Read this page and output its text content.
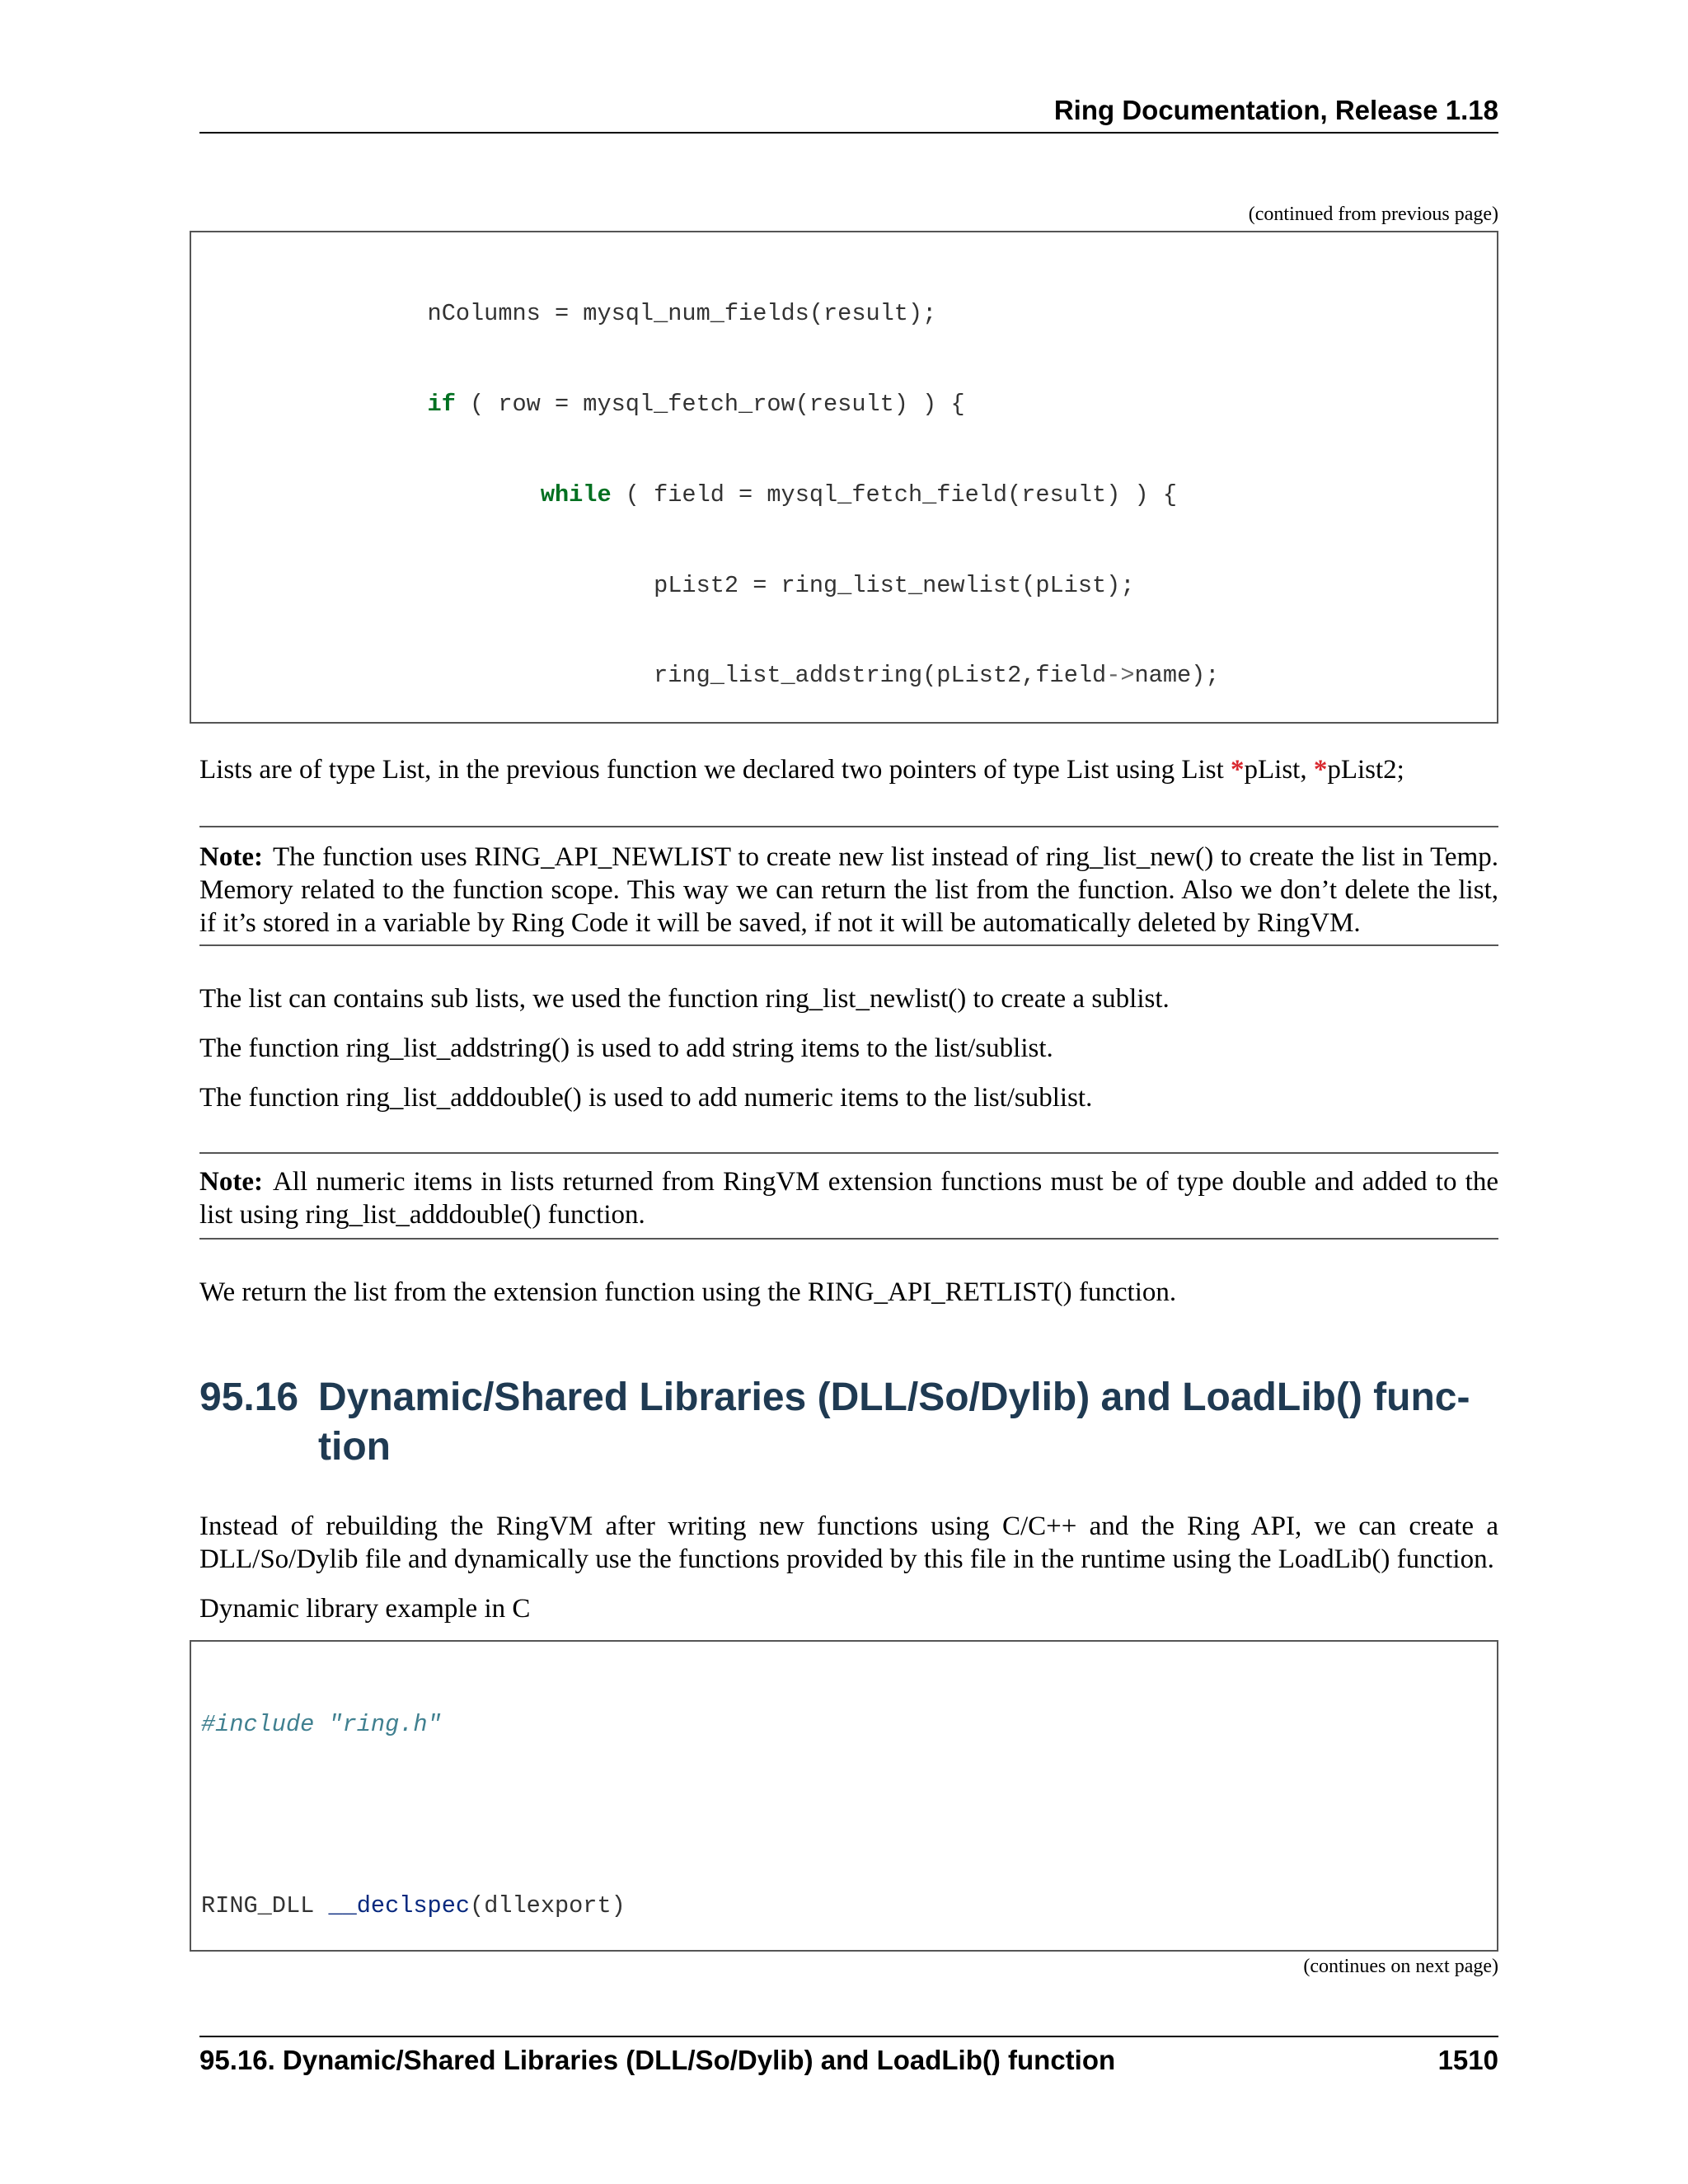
Ring Documentation, Release 1.18
(continued from previous page)

nColumns = mysql_num_fields(result);

if ( row = mysql_fetch_row(result) ) {

while ( field = mysql_fetch_field(result) ) {

pList2 = ring_list_newlist(pList);

ring_list_addstring(pList2,field->name);

Lists are of type List, in the previous function we declared two pointers of type List using List *pList, *pList2;
Note: The function uses RING_API_NEWLIST to create new list instead of ring_list_new() to create the list in Temp. Memory related to the function scope. This way we can return the list from the function. Also we don’t delete the list, if it’s stored in a variable by Ring Code it will be saved, if not it will be automatically deleted by RingVM.
The list can contains sub lists, we used the function ring_list_newlist() to create a sublist.
The function ring_list_addstring() is used to add string items to the list/sublist.
The function ring_list_adddouble() is used to add numeric items to the list/sublist.
Note: All numeric items in lists returned from RingVM extension functions must be of type double and added to the list using ring_list_adddouble() function.
We return the list from the extension function using the RING_API_RETLIST() function.
95.16 Dynamic/Shared Libraries (DLL/So/Dylib) and LoadLib() func-
tion
Instead of rebuilding the RingVM after writing new functions using C/C++ and the Ring API, we can create a DLL/So/Dylib file and dynamically use the functions provided by this file in the runtime using the LoadLib() function.
Dynamic library example in C

#include "ring.h"

RING_DLL __declspec(dllexport)

(continues on next page)
95.16. Dynamic/Shared Libraries (DLL/So/Dylib) and LoadLib() function	1510
